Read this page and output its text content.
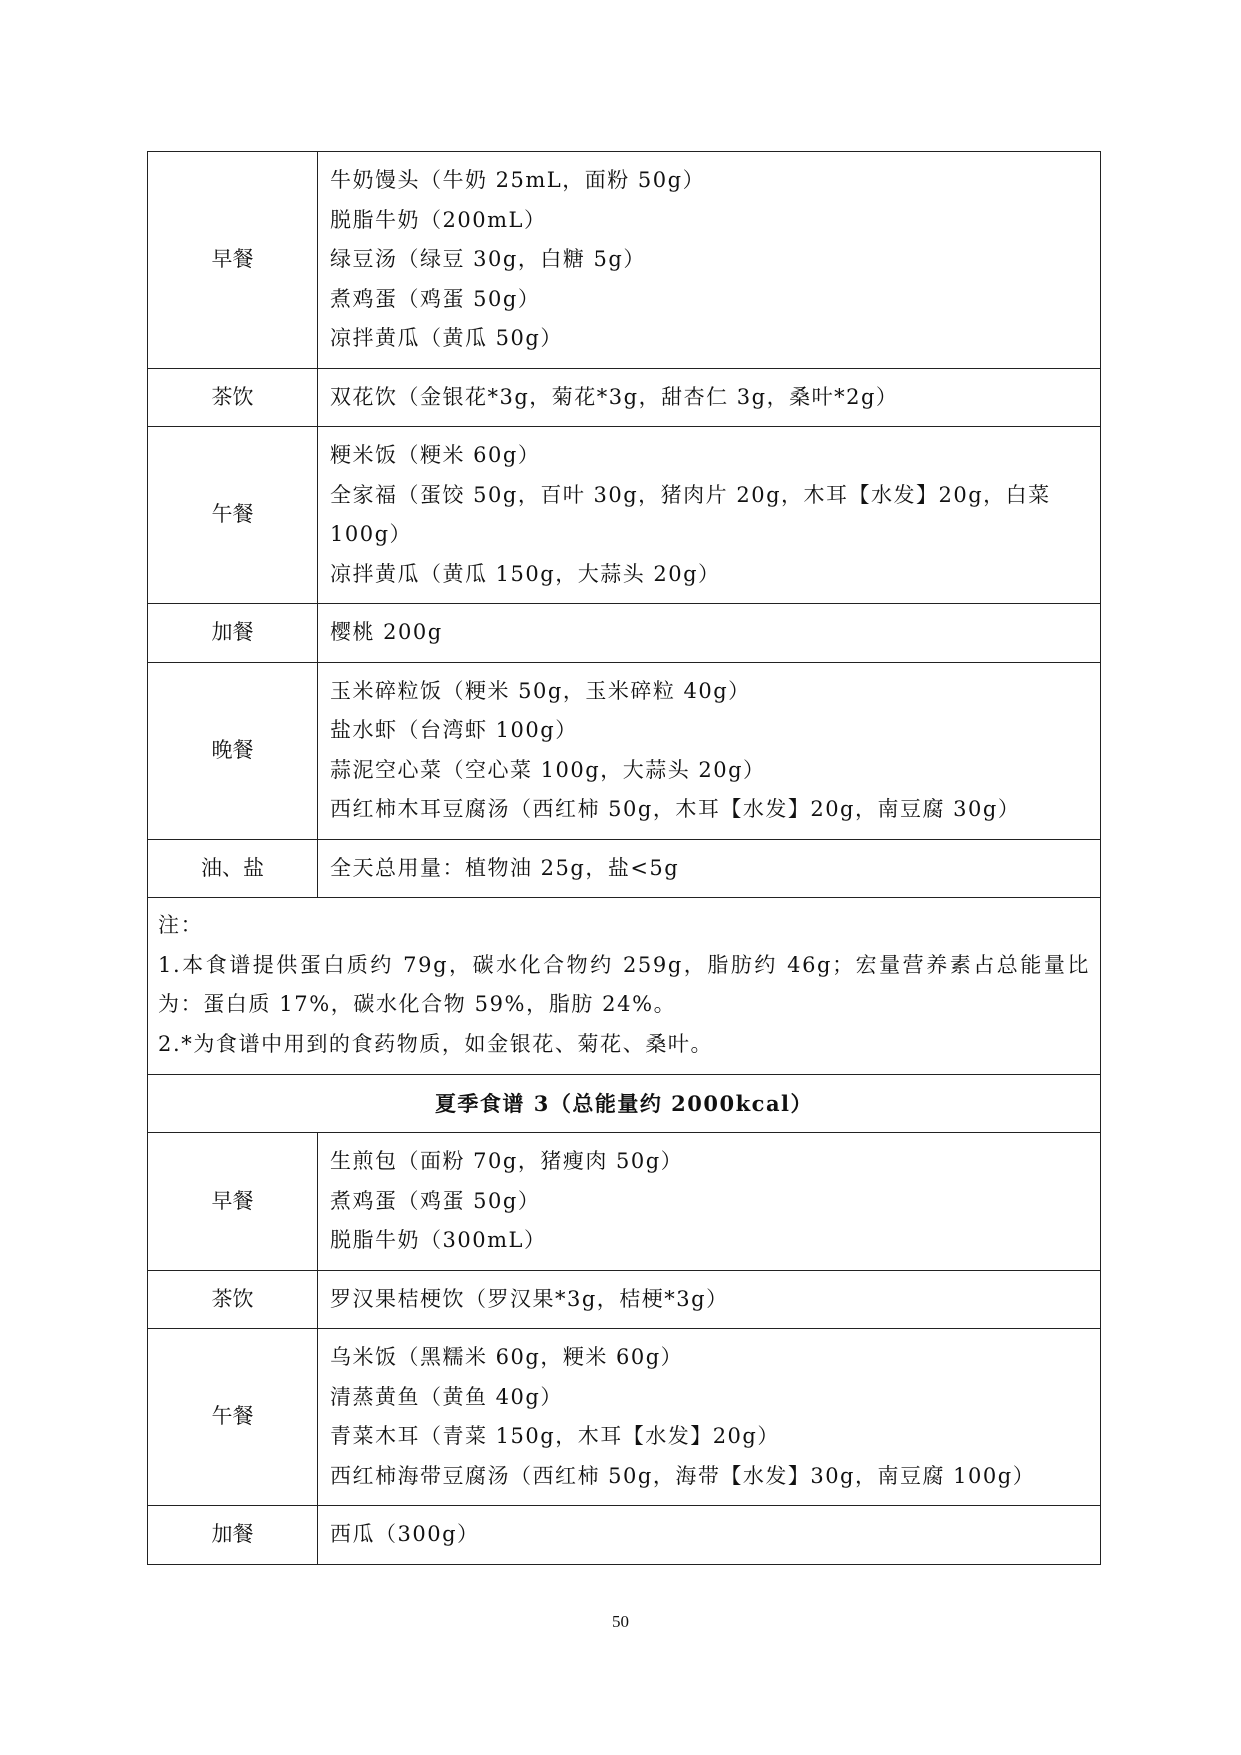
早餐	牛奶馒头（牛奶 25mL，面粉 50g）
脱脂牛奶（200mL）
绿豆汤（绿豆 30g，白糖 5g）
煮鸡蛋（鸡蛋 50g）
凉拌黄瓜（黄瓜 50g）

茶饮	双花饮（金银花*3g，菊花*3g，甜杏仁 3g，桑叶*2g）

午餐	粳米饭（粳米 60g）
全家福（蛋饺 50g，百叶 30g，猪肉片 20g，木耳【水发】20g，白菜 100g）
凉拌黄瓜（黄瓜 150g，大蒜头 20g）

加餐	樱桃 200g

晚餐	玉米碎粒饭（粳米 50g，玉米碎粒 40g）
盐水虾（台湾虾 100g）
蒜泥空心菜（空心菜 100g，大蒜头 20g）
西红柿木耳豆腐汤（西红柿 50g，木耳【水发】20g，南豆腐 30g）

油、盐	全天总用量：植物油 25g，盐<5g

注：
1.本食谱提供蛋白质约 79g，碳水化合物约 259g，脂肪约 46g；宏量营养素占总能量比为：蛋白质 17%，碳水化合物 59%，脂肪 24%。
2.*为食谱中用到的食药物质，如金银花、菊花、桑叶。	

夏季食谱 3（总能量约 2000kcal）	
早餐	生煎包（面粉 70g，猪瘦肉 50g）
煮鸡蛋（鸡蛋 50g）
脱脂牛奶（300mL）

茶饮	罗汉果桔梗饮（罗汉果*3g，桔梗*3g）

午餐	乌米饭（黑糯米 60g，粳米 60g）
清蒸黄鱼（黄鱼 40g）
青菜木耳（青菜 150g，木耳【水发】20g）
西红柿海带豆腐汤（西红柿 50g，海带【水发】30g，南豆腐 100g）

加餐	西瓜（300g）
50
